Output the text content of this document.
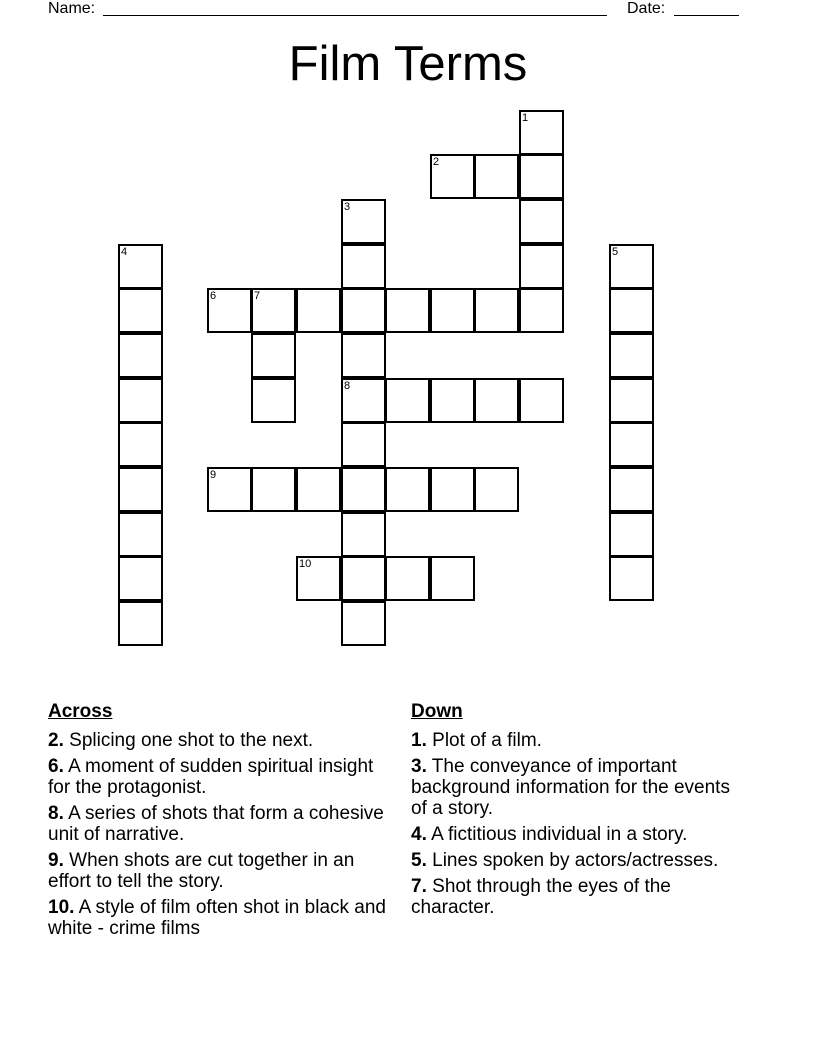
Name:	Date:
Film Terms
1
2
3
8
4	5
6	7
9
10
Across
2. Splicing one shot to the next.
6. A moment of sudden spiritual insight for the protagonist.
8. A series of shots that form a cohesive unit of narrative.
9. When shots are cut together in an effort to tell the story.
10. A style of film often shot in black and white - crime films
Down
1. Plot of a film.
3. The conveyance of important background information for the events of a story.
4. A fictitious individual in a story.
5. Lines spoken by actors/actresses.
7. Shot through the eyes of the character.
